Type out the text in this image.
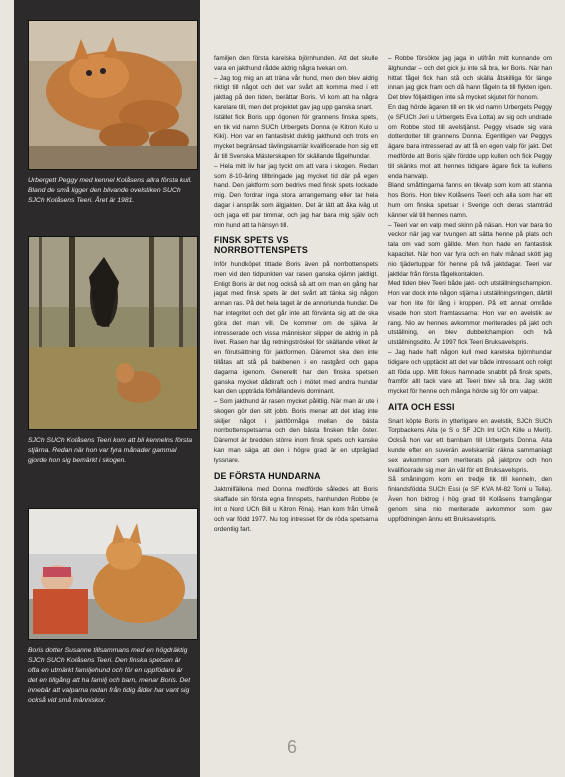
Urbergett Peggy med kennel Kolåsens allra första kull. Bland de små ligger den blivande ovelstiken SUCh SJCh Kolåsens Teeri. Året är 1981.
SJCh SUCh Kolåsens Teeri kom att bli kennelns första stjärna. Redan när hon var fyra månader gammal gjorde hon sig bemärkt i skogen.
Boris dotter Susanne tillsammans med en högdräktig SJCh SUCh Kolåsens Teeri. Den finska spetsen är ofta en utmärkt familjehund och för en uppfödare är det en tillgång att ha familj och barn, menar Boris. Det innebär att valparna redan från tidig ålder har vant sig också vid små människor.

familjen den första karelska björnhunden. Att det skulle vara en jakthund rådde aldrig några tvekan om.

– Jag tog mig an att träna vår hund, men den blev aldrig riktigt till något och det var svårt att komma med i ett jaktlag på den tiden, berättar Boris. Vi kom att ha några karelare till, men det projektet gav jag upp ganska snart.

Istället fick Boris upp ögonen för grannens finska spets, en tik vid namn SUCh Urbergets Donna (e Kitron Kulo u Kiki). Hon var en fantastiskt duktig jakthund och trots en mycket begränsad tävlingskarriär kvalificerade hon sig ett år till Svenska Mästerskapen för skällande fågelhundar.

– Hela mitt liv har jag tyckt om att vara i skogen. Redan som 8-10-åring tillbringade jag mycket tid där på egen hand. Den jaktform som bedrivs med finsk spets lockade mig. Den fordrar inga stora arrangemang eller tar hela dagar i anspråk som älgjakten. Det är lätt att åka iväg ut och jaga ett par timmar, och jag har bara mig själv och min hund att ta hänsyn till.

FINSK SPETS VS NORRBOTTENSPETS

Inför hundköpet tittade Boris även på norrbottenspets men vid den tidpunkten var rasen ganska ojämn jaktligt. Enligt Boris är det nog också så att om man en gång har jagat med finsk spets är det svårt att tänka sig någon annan ras. På det hela taget är de annorlunda hundar. De har integritet och det går inte att förvänta sig att de ska göra det man vill. De kommer om de själva är intresserade och vissa människor slipper de aldrig in på livet. Rasen har låg retningströskel för skällande vilket är en förutsättning för jaktformen. Däremot ska den inte tillåtas att stå på bakbenen i en rastgård och gapa dagarna igenom. Generellt har den finska spetsen ganska mycket dådkraft och i mötet med andra hundar kan den uppträda förhållandevis dominant.

– Som jakthund är rasen mycket pålitlig. När man är ute i skogen gör den sitt jobb. Boris menar att det idag inte skiljer något i jaktförmåga mellan de bästa norrbottenspetsarna och den bästa finsken från öster. Däremot är bredden större inom finsk spets och kanske kan man säga att den i högre grad är en utpräglad lyssnare.

DE FÖRSTA HUNDARNA

Jaktmilfällena med Donna medförde således att Boris skaffade sin första egna finnspets, hanhunden Robbe (e Int o Nord UCh Bill u Kitron Rina). Han kom från Umeå och var född 1977. Nu tog intresset för de röda spetsarna ordentlig fart.

– Robbe försökte jag jaga in utifrån mitt kunnande om älghundar – och det gick ju inte så bra, ler Boris. När han hittat fågel fick han stå och skälla åtskilliga för länge innan jag gick fram och då hann fågeln ta till flykten igen. Det blev följaktligen inte så mycket skjutet för honom.

En dag hörde ägaren till en tik vid namn Urbergets Peggy (e SFUCh Jeri u Urbergets Eva Lotta) av sig och undrade om Robbe stod till avelstjänst. Peggy visade sig vara dotterdotter till grannens Donna. Egentligen var Peggys ägare bara intresserad av att få en egen valp för jakt. Det medförde att Boris själv fördde upp kullen och fick Peggy till skänks mot att hennes tidigare ägare fick ta kullens enda hanvalp.

Bland småttingarna fanns en tikvalp som kom att stanna hos Boris. Hon blev Kolåsens Teeri och alla som har ett hum om finska spetsar i Sverige och deras stamträd känner väl till hennes namn.

– Teeri var en valp med skinn på näsan. Hon var bara tio veckor när jag var tvungen att sätta henne på plats och tala om vad som gällde. Men hon hade en fantastisk kapacitet. När hon var fyra och en halv månad skött jag nio tjädertuppar för henne på två jaktdagar. Teeri var jaktklar från första fågelkontakten.

Med tiden blev Teeri både jakt- och utställningschampion. Hon var dock inte någon stjärna i utställningsringen, därtill var hon lite för lång i kroppen. På ett annat område visade hon stort framtassarna: Hon var en avelstik av rang. Nio av hennes avkommor meriterades på jakt och utställning, en blev dubbelchampion och två utställningsdito. År 1997 fick Teeri Bruksavelspris.

– Jag hade haft någon kull med karelska björnhundar tidigare och upptäckt att det var både intressant och roligt att föda upp. Mitt fokus hamnade snabbt på finsk spets, framför allt tack vare att Teeri blev så bra. Jag skött mycket för henne och många hörde sig för om valpar.

AITA OCH ESSI

Snart köpte Boris in ytterligare en avelstik, SJCh SUCh Torpbackens Aita (e S o SF JCh Int UCh Kille u Merit). Också hon var ett barnbarn till Urbergets Donna. Aita kunde efter en suverän avelskarriär räkna sammanlagt sex avkommor som meriterats på jaktprov och hon kvalificerade sig mer än väl för ett Bruksavelspris.

Så småningom kom en tredje tik till kenneln, den finlandsfödda SUCh Essi (e SF KVA M-82 Tomi u Tella). Även hon bidrog i hög grad till Kolåsens framgångar genom sina nio meriterade avkommor som gav uppfödningen ännu ett Bruksavelspris.

6
